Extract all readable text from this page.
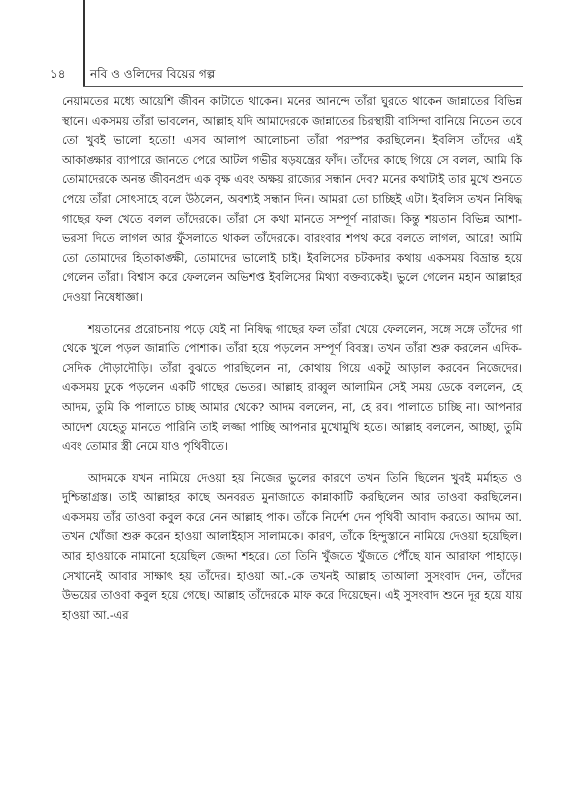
১৪ নবি ও ওলিদের বিয়ের গল্প

নেয়ামতের মধ্যে আয়েশি জীবন কাটাতে থাকেন। মনের আনন্দে তাঁরা ঘুরতে থাকেন জান্নাতের বিভিন্ন স্থানে। একসময় তাঁরা ভাবলেন, আল্লাহ যদি আমাদেরকে জান্নাতের চিরস্থায়ী বাসিন্দা বানিয়ে নিতেন তবে তো খুবই ভালো হতো! এসব আলাপ আলোচনা তাঁরা পরস্পর করছিলেন। ইবলিস তাঁদের এই আকাঙ্ক্ষার ব্যাপারে জানতে পেরে আটল গভীর ষড়যন্ত্রের ফাঁদ। তাঁদের কাছে গিয়ে সে বলল, আমি কি তোমাদেরকে অনন্ত জীবনপ্রদ এক বৃক্ষ এবং অক্ষয় রাজ্যের সন্ধান দেব? মনের কথাটাই তার মুখে শুনতে পেয়ে তাঁরা সোৎসাহে বলে উঠলেন, অবশ্যই সন্ধান দিন। আমরা তো চাচ্ছিই এটা। ইবলিস তখন নিষিদ্ধ গাছের ফল খেতে বলল তাঁদেরকে। তাঁরা সে কথা মানতে সম্পূর্ণ নারাজ। কিন্তু শয়তান বিভিন্ন আশা-ভরসা দিতে লাগল আর ফুঁসলাতে থাকল তাঁদেরকে। বারংবার শপথ করে বলতে লাগল, আরে! আমি তো তোমাদের হিতাকাঙ্ক্ষী, তোমাদের ভালোই চাই। ইবলিসের চটকদার কথায় একসময় বিভ্রান্ত হয়ে গেলেন তাঁরা। বিশ্বাস করে ফেললেন অভিশপ্ত ইবলিসের মিথ্যা বক্তব্যকেই। ভুলে গেলেন মহান আল্লাহর দেওয়া নিষেধাজ্ঞা।

শয়তানের প্ররোচনায় পড়ে যেই না নিষিদ্ধ গাছের ফল তাঁরা খেয়ে ফেললেন, সঙ্গে সঙ্গে তাঁদের গা থেকে খুলে পড়ল জান্নাতি পোশাক। তাঁরা হয়ে পড়লেন সম্পূর্ণ বিবস্ত্র। তখন তাঁরা শুরু করলেন এদিক-সেদিক দৌড়াদৌড়ি। তাঁরা বুঝতে পারছিলেন না, কোথায় গিয়ে একটু আড়াল করবেন নিজেদের। একসময় ঢুকে পড়লেন একটি গাছের ভেতর। আল্লাহ রাব্বুল আলামিন সেই সময় ডেকে বললেন, হে আদম, তুমি কি পালাতে চাচ্ছ আমার থেকে? আদম বললেন, না, হে রব। পালাতে চাচ্ছি না। আপনার আদেশ যেহেতু মানতে পারিনি তাই লজ্জা পাচ্ছি আপনার মুখোমুখি হতে। আল্লাহ বললেন, আচ্ছা, তুমি এবং তোমার স্ত্রী নেমে যাও পৃথিবীতে।

আদমকে যখন নামিয়ে দেওয়া হয় নিজের ভুলের কারণে তখন তিনি ছিলেন খুবই মর্মাহত ও দুশ্চিন্তাগ্রস্ত। তাই আল্লাহর কাছে অনবরত মুনাজাতে কান্নাকাটি করছিলেন আর তাওবা করছিলেন। একসময় তাঁর তাওবা কবুল করে নেন আল্লাহ পাক। তাঁকে নির্দেশ দেন পৃথিবী আবাদ করতে। আদম আ. তখন খোঁজা শুরু করেন হাওয়া আলাইহাস সালামকে। কারণ, তাঁকে হিন্দুস্তানে নামিয়ে দেওয়া হয়েছিল। আর হাওয়াকে নামানো হয়েছিল জেদ্দা শহরে। তো তিনি খুঁজতে খুঁজতে পৌঁছে যান আরাফা পাহাড়ে। সেখানেই আবার সাক্ষাৎ হয় তাঁদের। হাওয়া আ.-কে তখনই আল্লাহ তাআলা সুসংবাদ দেন, তাঁদের উভয়ের তাওবা কবুল হয়ে গেছে। আল্লাহ তাঁদেরকে মাফ করে দিয়েছেন। এই সুসংবাদ শুনে দূর হয়ে যায় হাওয়া আ.-এর
